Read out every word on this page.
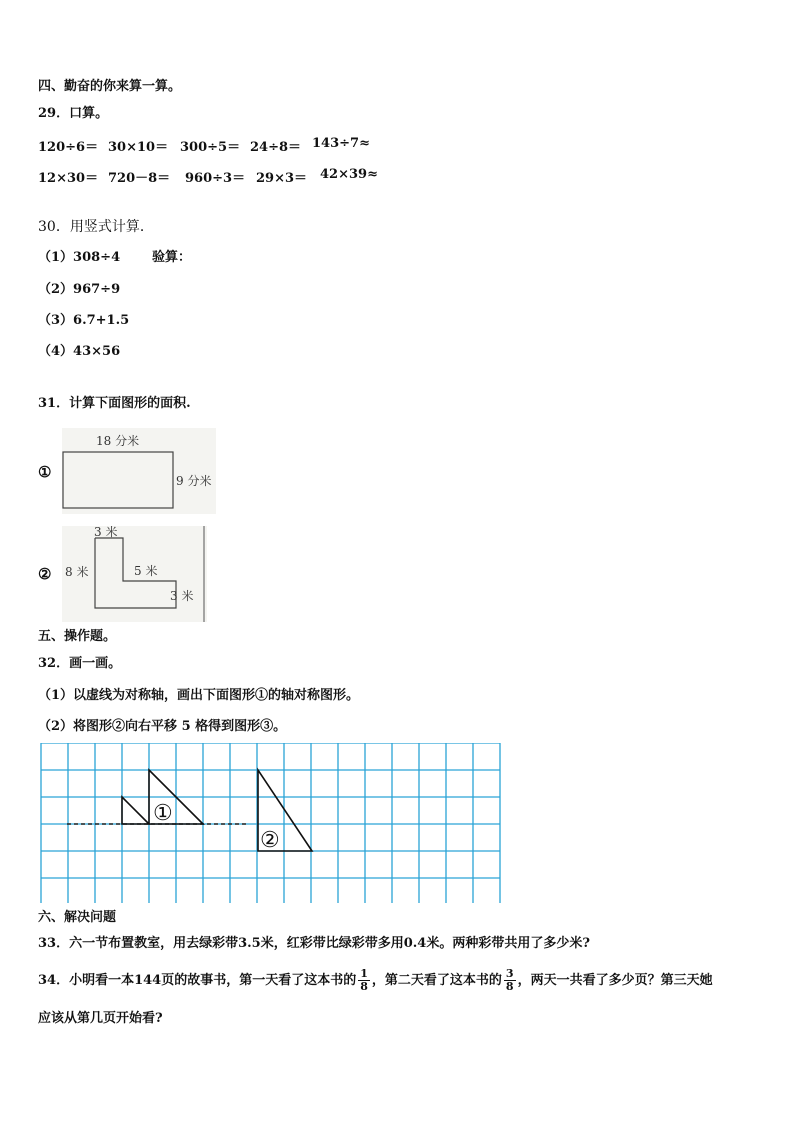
四、勤奋的你来算一算。
29．口算。
120÷6＝ 30×10＝ 300÷5＝ 24÷8＝ 143÷7≈
12×30＝ 720－8＝ 960÷3＝ 29×3＝ 42×39≈
30．用竖式计算．
（1）308÷4 验算：
（2）967÷9
（3）6.7+1.5
（4）43×56
31．计算下面图形的面积.
①
18 分米
9 分米
②
3 米
8 米	5 米
3 米
五、操作题。
32．画一画。
（1）以虚线为对称轴，画出下面图形①的轴对称图形。
（2）将图形②向右平移 5 格得到图形③。
①
②
六、解决问题
33．六一节布置教室，用去绿彩带3.5米，红彩带比绿彩带多用0.4米。两种彩带共用了多少米?
34．小明看一本144页的故事书，第一天看了这本书的 $\frac{1}{8}$ ，第二天看了这本书的 $\frac{3}{8}$ ，两天一共看了多少页？第三天她
应该从第几页开始看?
